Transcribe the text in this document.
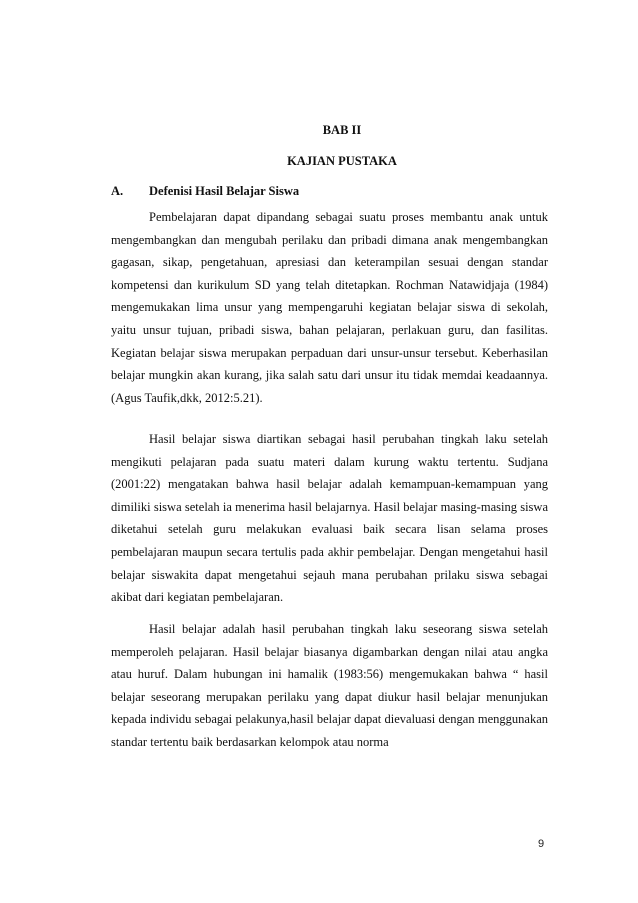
BAB II
KAJIAN PUSTAKA
A. Defenisi Hasil Belajar Siswa

Pembelajaran dapat dipandang sebagai suatu proses membantu anak untuk mengembangkan dan mengubah perilaku dan pribadi dimana anak mengembangkan gagasan, sikap, pengetahuan, apresiasi dan keterampilan sesuai dengan standar kompetensi dan kurikulum SD yang telah ditetapkan. Rochman Natawidjaja (1984) mengemukakan lima unsur yang mempengaruhi kegiatan belajar siswa di sekolah, yaitu unsur tujuan, pribadi siswa, bahan pelajaran, perlakuan guru, dan fasilitas. Kegiatan belajar siswa merupakan perpaduan dari unsur-unsur tersebut. Keberhasilan belajar mungkin akan kurang, jika salah satu dari unsur itu tidak memdai keadaannya. (Agus Taufik,dkk, 2012:5.21).

Hasil belajar siswa diartikan sebagai hasil perubahan tingkah laku setelah mengikuti pelajaran pada suatu materi dalam kurung waktu tertentu. Sudjana (2001:22) mengatakan bahwa hasil belajar adalah kemampuan-kemampuan yang dimiliki siswa setelah ia menerima hasil belajarnya. Hasil belajar masing-masing siswa diketahui setelah guru melakukan evaluasi baik secara lisan selama proses pembelajaran maupun secara tertulis pada akhir pembelajar. Dengan mengetahui hasil belajar siswakita dapat mengetahui sejauh mana perubahan prilaku siswa sebagai akibat dari kegiatan pembelajaran.

Hasil belajar adalah hasil perubahan tingkah laku seseorang siswa setelah memperoleh pelajaran. Hasil belajar biasanya digambarkan dengan nilai atau angka atau huruf. Dalam hubungan ini hamalik (1983:56) mengemukakan bahwa “ hasil belajar seseorang merupakan perilaku yang dapat diukur hasil belajar menunjukan kepada individu sebagai pelakunya,hasil belajar dapat dievaluasi dengan menggunakan standar tertentu baik berdasarkan kelompok atau norma

9
